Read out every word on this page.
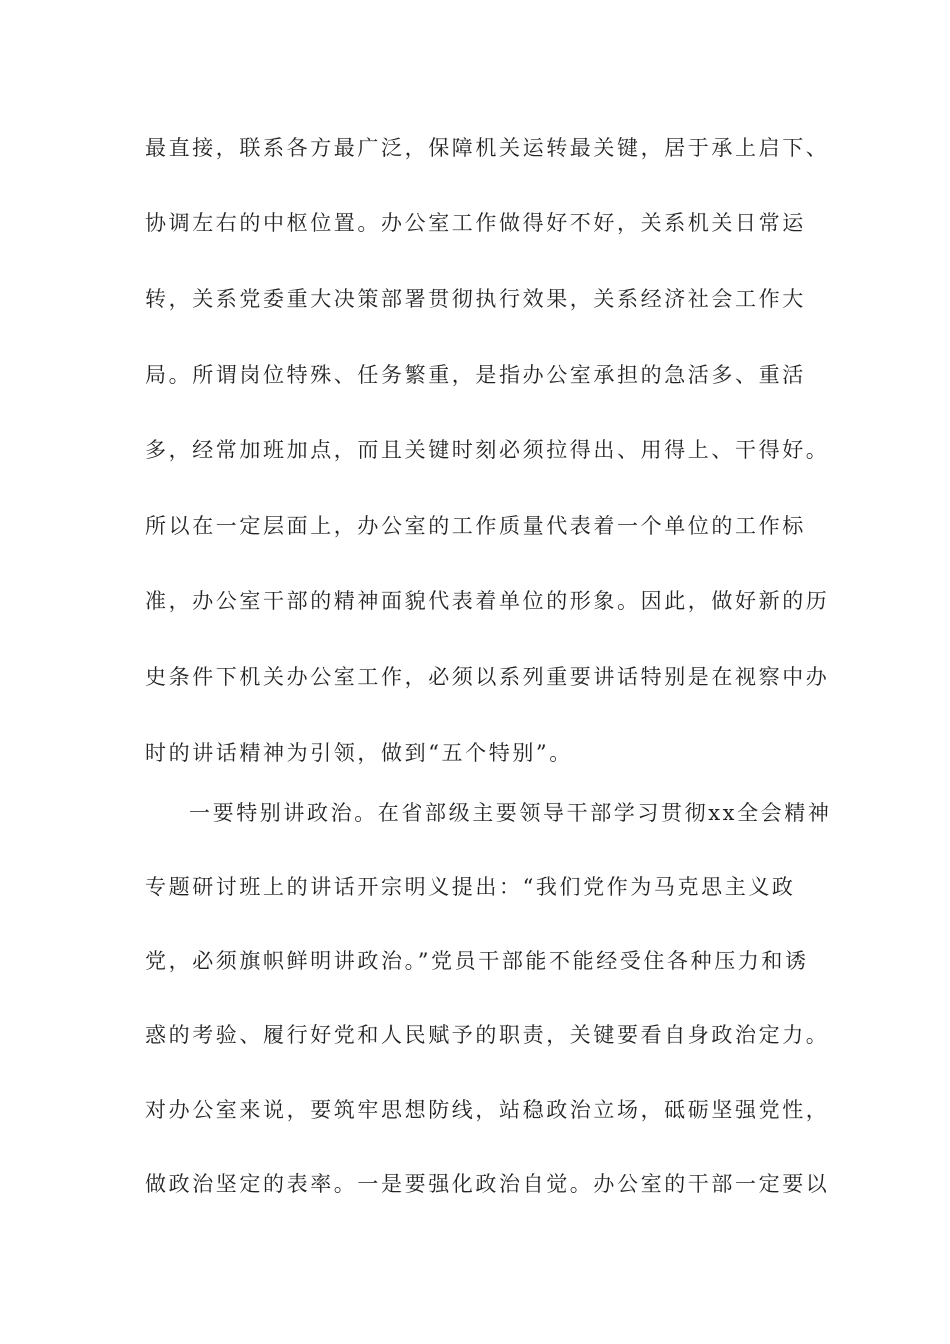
最直接，联系各方最广泛，保障机关运转最关键，居于承上启下、
协调左右的中枢位置。办公室工作做得好不好，关系机关日常运
转，关系党委重大决策部署贯彻执行效果，关系经济社会工作大
局。所谓岗位特殊、任务繁重，是指办公室承担的急活多、重活
多，经常加班加点，而且关键时刻必须拉得出、用得上、干得好。
所以在一定层面上，办公室的工作质量代表着一个单位的工作标
准，办公室干部的精神面貌代表着单位的形象。因此，做好新的历
史条件下机关办公室工作，必须以系列重要讲话特别是在视察中办
时的讲话精神为引领，做到“五个特别”。
一要特别讲政治。在省部级主要领导干部学习贯彻xx全会精神
专题研讨班上的讲话开宗明义提出：“我们党作为马克思主义政
党，必须旗帜鲜明讲政治。”党员干部能不能经受住各种压力和诱
惑的考验、履行好党和人民赋予的职责，关键要看自身政治定力。
对办公室来说，要筑牢思想防线，站稳政治立场，砥砺坚强党性，
做政治坚定的表率。一是要强化政治自觉。办公室的干部一定要以
